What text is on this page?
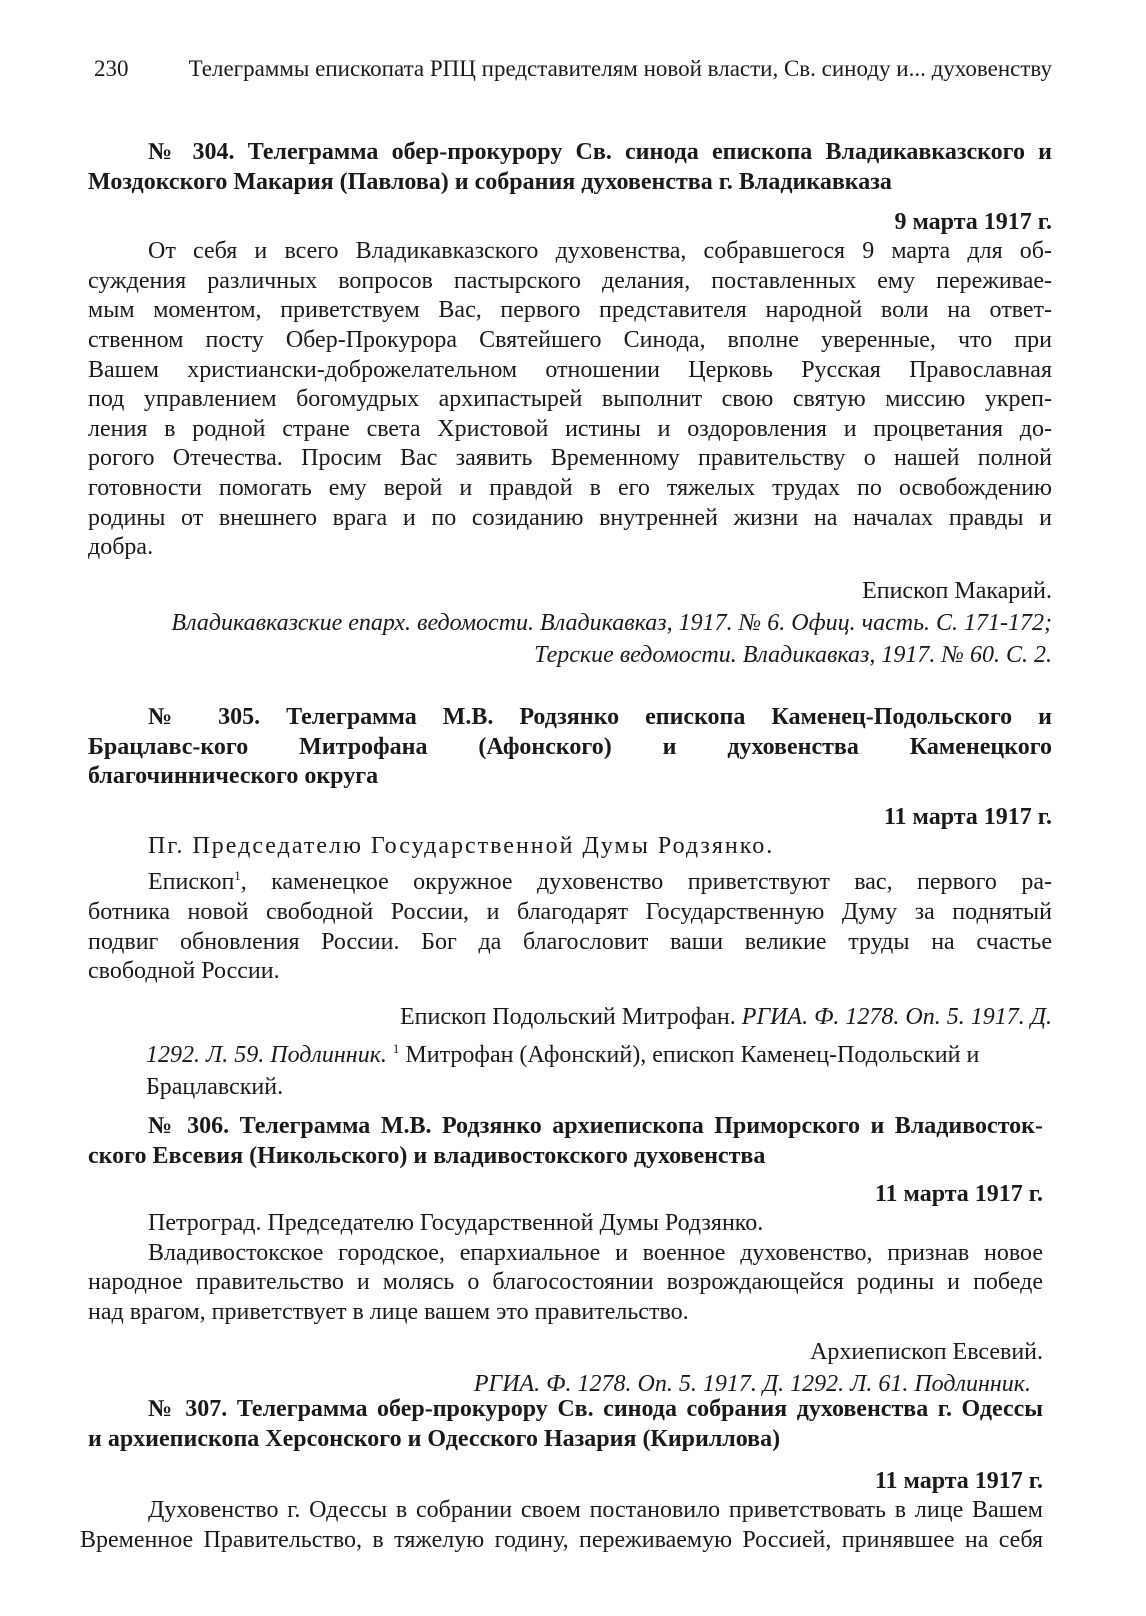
230	Телеграммы епископата РПЦ представителям новой власти, Св. синоду и... духовенству
№ 304. Телеграмма обер-прокурору Св. синода епископа Владикавказского и
Моздокского Макария (Павлова) и собрания духовенства г. Владикавказа
9 марта 1917 г.
От себя и всего Владикавказского духовенства, собравшегося 9 марта для об-
суждения различных вопросов пастырского делания, поставленных ему переживае-
мым моментом, приветствуем Вас, первого представителя народной воли на ответ-
ственном посту Обер-Прокурора Святейшего Синода, вполне уверенные, что при
Вашем христиански-доброжелательном отношении Церковь Русская Православная
под управлением богомудрых архипастырей выполнит свою святую миссию укреп-
ления в родной стране света Христовой истины и оздоровления и процветания до-
рогого Отечества. Просим Вас заявить Временному правительству о нашей полной
готовности помогать ему верой и правдой в его тяжелых трудах по освобождению
родины от внешнего врага и по созиданию внутренней жизни на началах правды и
добра.
Епископ Макарий.
Владикавказские епарх. ведомости. Владикавказ, 1917. № 6. Офиц. часть. С. 171-172;
Терские ведомости. Владикавказ, 1917. № 60. С. 2.
№ 305. Телеграмма М.В. Родзянко епископа Каменец-Подольского и
Брацлавс-кого Митрофана (Афонского) и духовенства Каменецкого
благочиннического округа
11 марта 1917 г.
Пг. Председателю Государственной Думы Родзянко.
Епископ$^1$, каменецкое окружное духовенство приветствуют вас, первого ра-
ботника новой свободной России, и благодарят Государственную Думу за поднятый
подвиг обновления России. Бог да благословит ваши великие труды на счастье
свободной России.
Епископ Подольский Митрофан. РГИА. Ф. 1278. Оп. 5. 1917. Д.
1292. Л. 59. Подлинник. $^1$ Митрофан (Афонский), епископ Каменец-Подольский и
Брацлавский.
№ 306. Телеграмма М.В. Родзянко архиепископа Приморского и Владивосток-
ского Евсевия (Никольского) и владивостокского духовенства
11 марта 1917 г.
Петроград. Председателю Государственной Думы Родзянко.
Владивостокское городское, епархиальное и военное духовенство, признав новое
народное правительство и молясь о благосостоянии возрождающейся родины и победе
над врагом, приветствует в лице вашем это правительство.
Архиепископ Евсевий.
РГИА. Ф. 1278. Оп. 5. 1917. Д. 1292. Л. 61. Подлинник.
№ 307. Телеграмма обер-прокурору Св. синода собрания духовенства г. Одессы
и архиепископа Херсонского и Одесского Назария (Кириллова)
11 марта 1917 г.
Духовенство г. Одессы в собрании своем постановило приветствовать в лице Вашем
Временное Правительство, в тяжелую годину, переживаемую Россией, принявшее на себя
